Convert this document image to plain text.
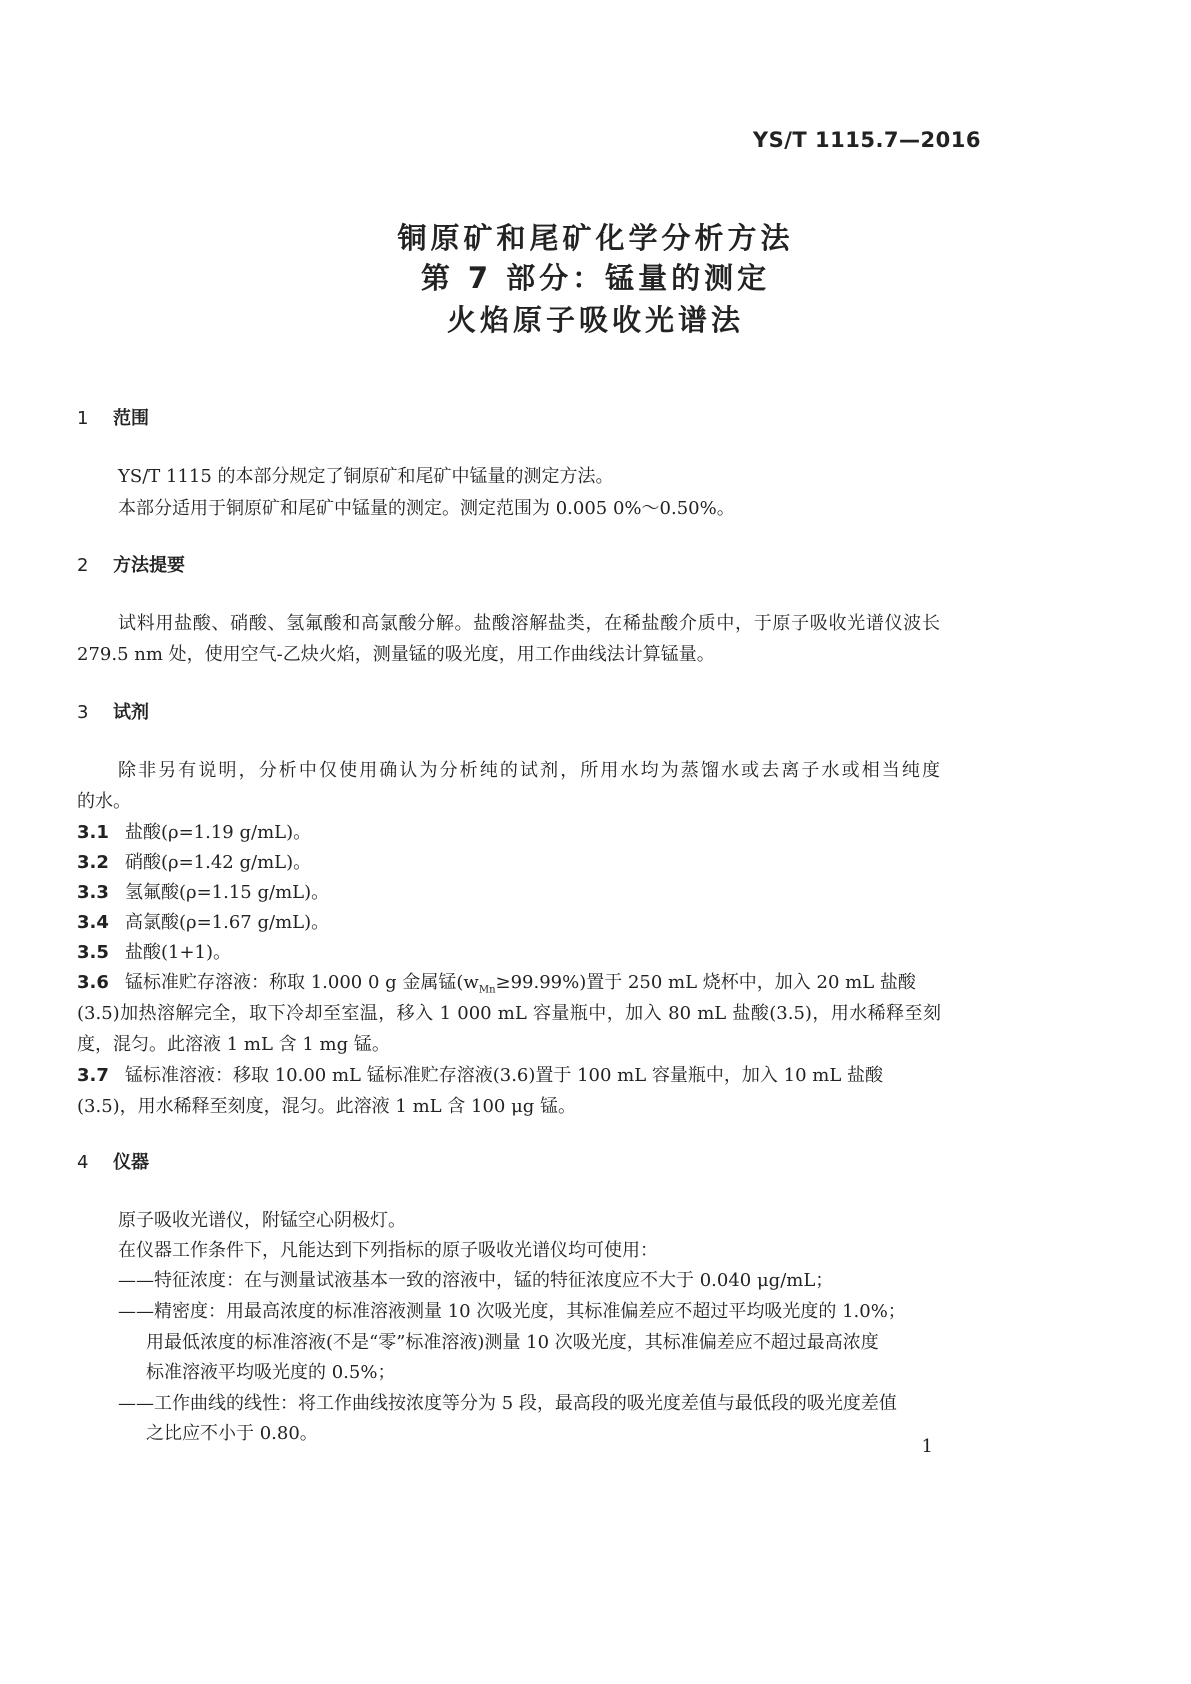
YS/T 1115.7—2016
铜原矿和尾矿化学分析方法
第 7 部分：锰量的测定
火焰原子吸收光谱法
1 范围
YS/T 1115 的本部分规定了铜原矿和尾矿中锰量的测定方法。
本部分适用于铜原矿和尾矿中锰量的测定。测定范围为 0.005 0%～0.50%。
2 方法提要
试料用盐酸、硝酸、氢氟酸和高氯酸分解。盐酸溶解盐类，在稀盐酸介质中，于原子吸收光谱仪波长
279.5 nm 处，使用空气-乙炔火焰，测量锰的吸光度，用工作曲线法计算锰量。
3 试剂
除非另有说明，分析中仅使用确认为分析纯的试剂，所用水均为蒸馏水或去离子水或相当纯度
的水。
3.1 盐酸(ρ=1.19 g/mL)。
3.2 硝酸(ρ=1.42 g/mL)。
3.3 氢氟酸(ρ=1.15 g/mL)。
3.4 高氯酸(ρ=1.67 g/mL)。
3.5 盐酸(1+1)。
3.6 锰标准贮存溶液：称取 1.000 0 g 金属锰$(w_{Mn}\ge 99.99\%)$置于 250 mL 烧杯中，加入 20 mL 盐酸
(3.5)加热溶解完全，取下冷却至室温，移入 1 000 mL 容量瓶中，加入 80 mL 盐酸(3.5)，用水稀释至刻
度，混匀。此溶液 1 mL 含 1 mg 锰。
3.7 锰标准溶液：移取 10.00 mL 锰标准贮存溶液(3.6)置于 100 mL 容量瓶中，加入 10 mL 盐酸
(3.5)，用水稀释至刻度，混匀。此溶液 1 mL 含 100 μg 锰。
4 仪器
原子吸收光谱仪，附锰空心阴极灯。
在仪器工作条件下，凡能达到下列指标的原子吸收光谱仪均可使用：
——特征浓度：在与测量试液基本一致的溶液中，锰的特征浓度应不大于 0.040 μg/mL；
——精密度：用最高浓度的标准溶液测量 10 次吸光度，其标准偏差应不超过平均吸光度的 1.0%；
用最低浓度的标准溶液(不是“零”标准溶液)测量 10 次吸光度，其标准偏差应不超过最高浓度
标准溶液平均吸光度的 0.5%；
——工作曲线的线性：将工作曲线按浓度等分为 5 段，最高段的吸光度差值与最低段的吸光度差值
之比应不小于 0.80。
1
